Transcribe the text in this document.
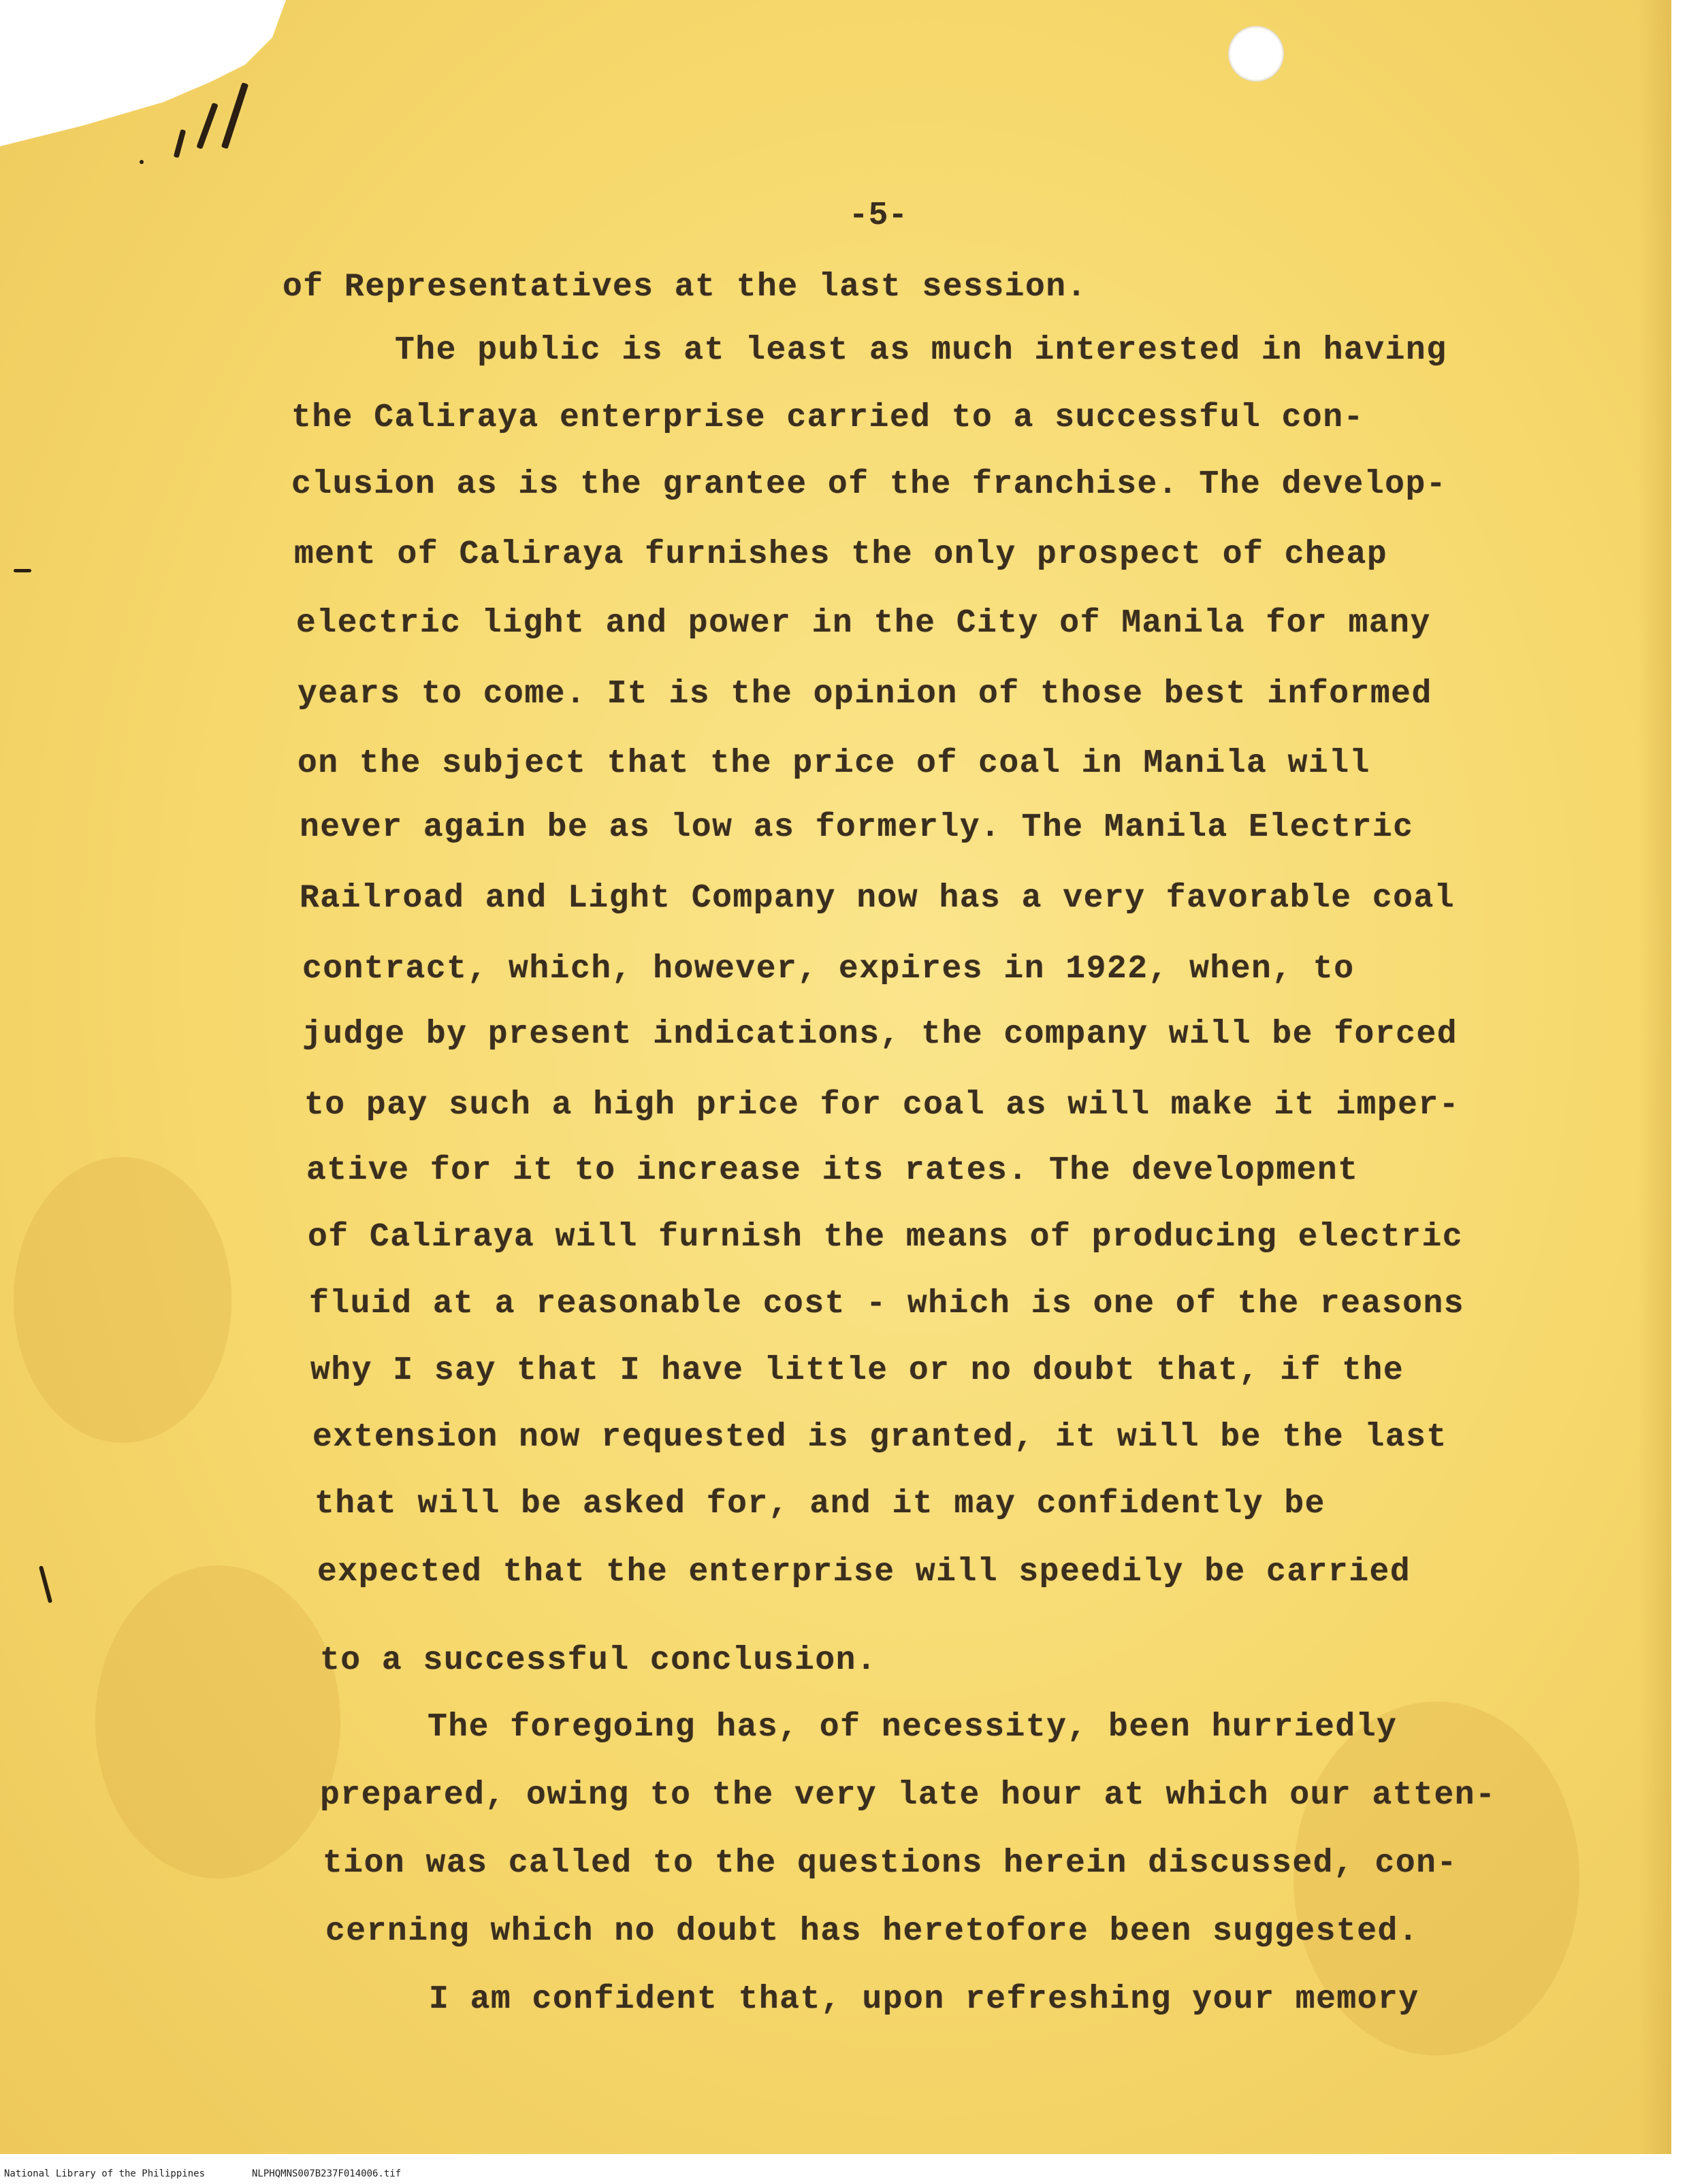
-5-
of Representatives at the last session.
The public is at least as much interested in having
the Caliraya enterprise carried to a successful con-
clusion as is the grantee of the franchise. The develop-
ment of Caliraya furnishes the only prospect of cheap
electric light and power in the City of Manila for many
years to come. It is the opinion of those best informed
on the subject that the price of coal in Manila will
never again be as low as formerly. The Manila Electric
Railroad and Light Company now has a very favorable coal
contract, which, however, expires in 1922, when, to
judge by present indications, the company will be forced
to pay such a high price for coal as will make it imper-
ative for it to increase its rates. The development
of Caliraya will furnish the means of producing electric
fluid at a reasonable cost - which is one of the reasons
why I say that I have little or no doubt that, if the
extension now requested is granted, it will be the last
that will be asked for, and it may confidently be
expected that the enterprise will speedily be carried
to a successful conclusion.
The foregoing has, of necessity, been hurriedly
prepared, owing to the very late hour at which our atten-
tion was called to the questions herein discussed, con-
cerning which no doubt has heretofore been suggested.
I am confident that, upon refreshing your memory
National Library of the Philippines	NLPHQMNS007B237F014006.tif
